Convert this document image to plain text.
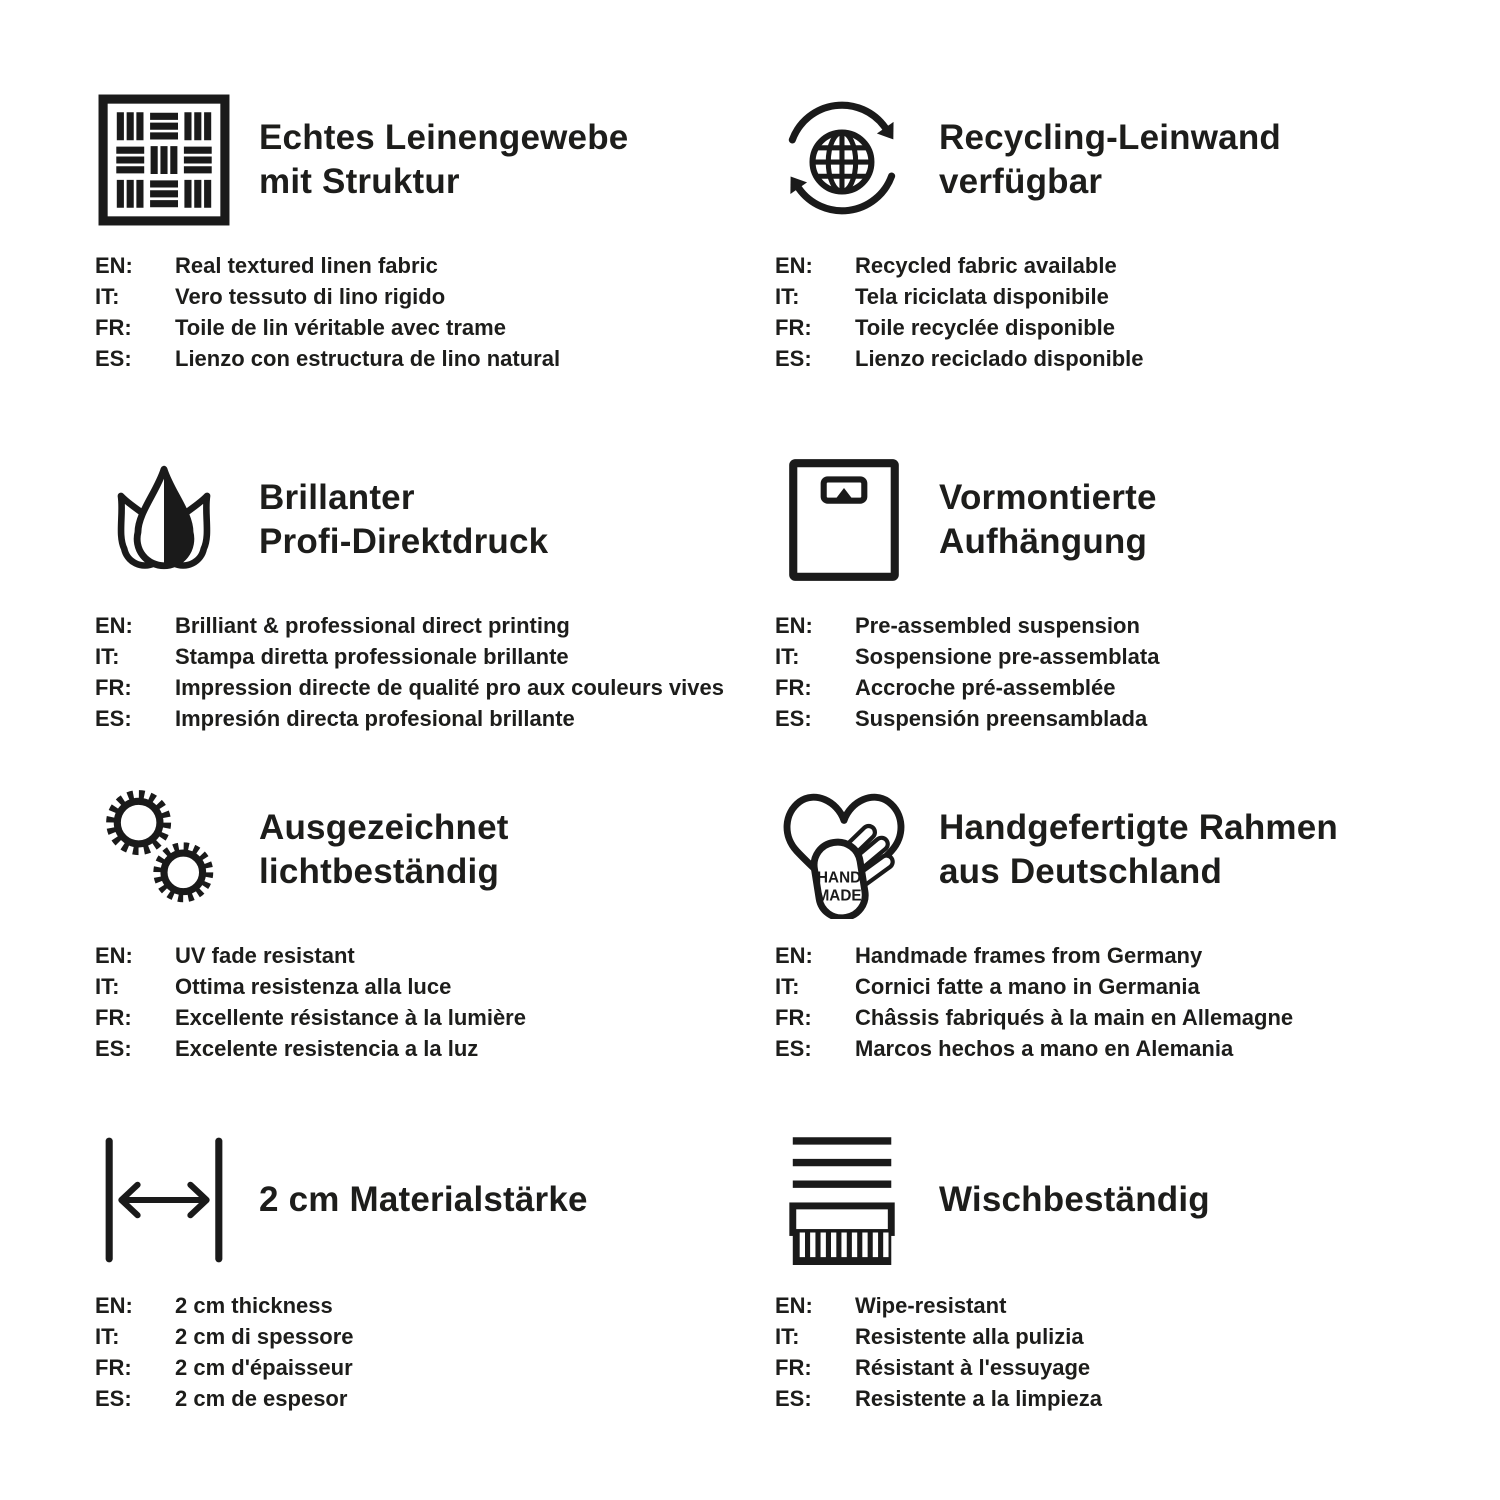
Echtes Leinengewebe
mit Struktur
EN:	Real textured linen fabric
IT:	Vero tessuto di lino rigido
FR:	Toile de lin véritable avec trame
ES:	Lienzo con estructura de lino natural
Recycling-Leinwand
verfügbar
EN:	Recycled fabric available
IT:	Tela riciclata disponibile
FR:	Toile recyclée disponible
ES:	Lienzo reciclado disponible
Brillanter
Profi-Direktdruck
EN:	Brilliant & professional direct printing
IT:	Stampa diretta professionale brillante
FR:	Impression directe de qualité pro aux couleurs vives
ES:	Impresión directa profesional brillante
Vormontierte
Aufhängung
EN:	Pre-assembled suspension
IT:	Sospensione pre-assemblata
FR:	Accroche pré-assemblée
ES:	Suspensión preensamblada
Ausgezeichnet
lichtbeständig
EN:	UV fade resistant
IT:	Ottima resistenza alla luce
FR:	Excellente résistance à la lumière
ES:	Excelente resistencia a la luz
HAND
MADE
Handgefertigte Rahmen
aus Deutschland
EN:	Handmade frames from Germany
IT:	Cornici fatte a mano in Germania
FR:	Châssis fabriqués à la main en Allemagne
ES:	Marcos hechos a mano en Alemania
2 cm Materialstärke
EN:	2 cm thickness
IT:	2 cm di spessore
FR:	2 cm d'épaisseur
ES:	2 cm de espesor
Wischbeständig
EN:	Wipe-resistant
IT:	Resistente alla pulizia
FR:	Résistant à l'essuyage
ES:	Resistente a la limpieza
